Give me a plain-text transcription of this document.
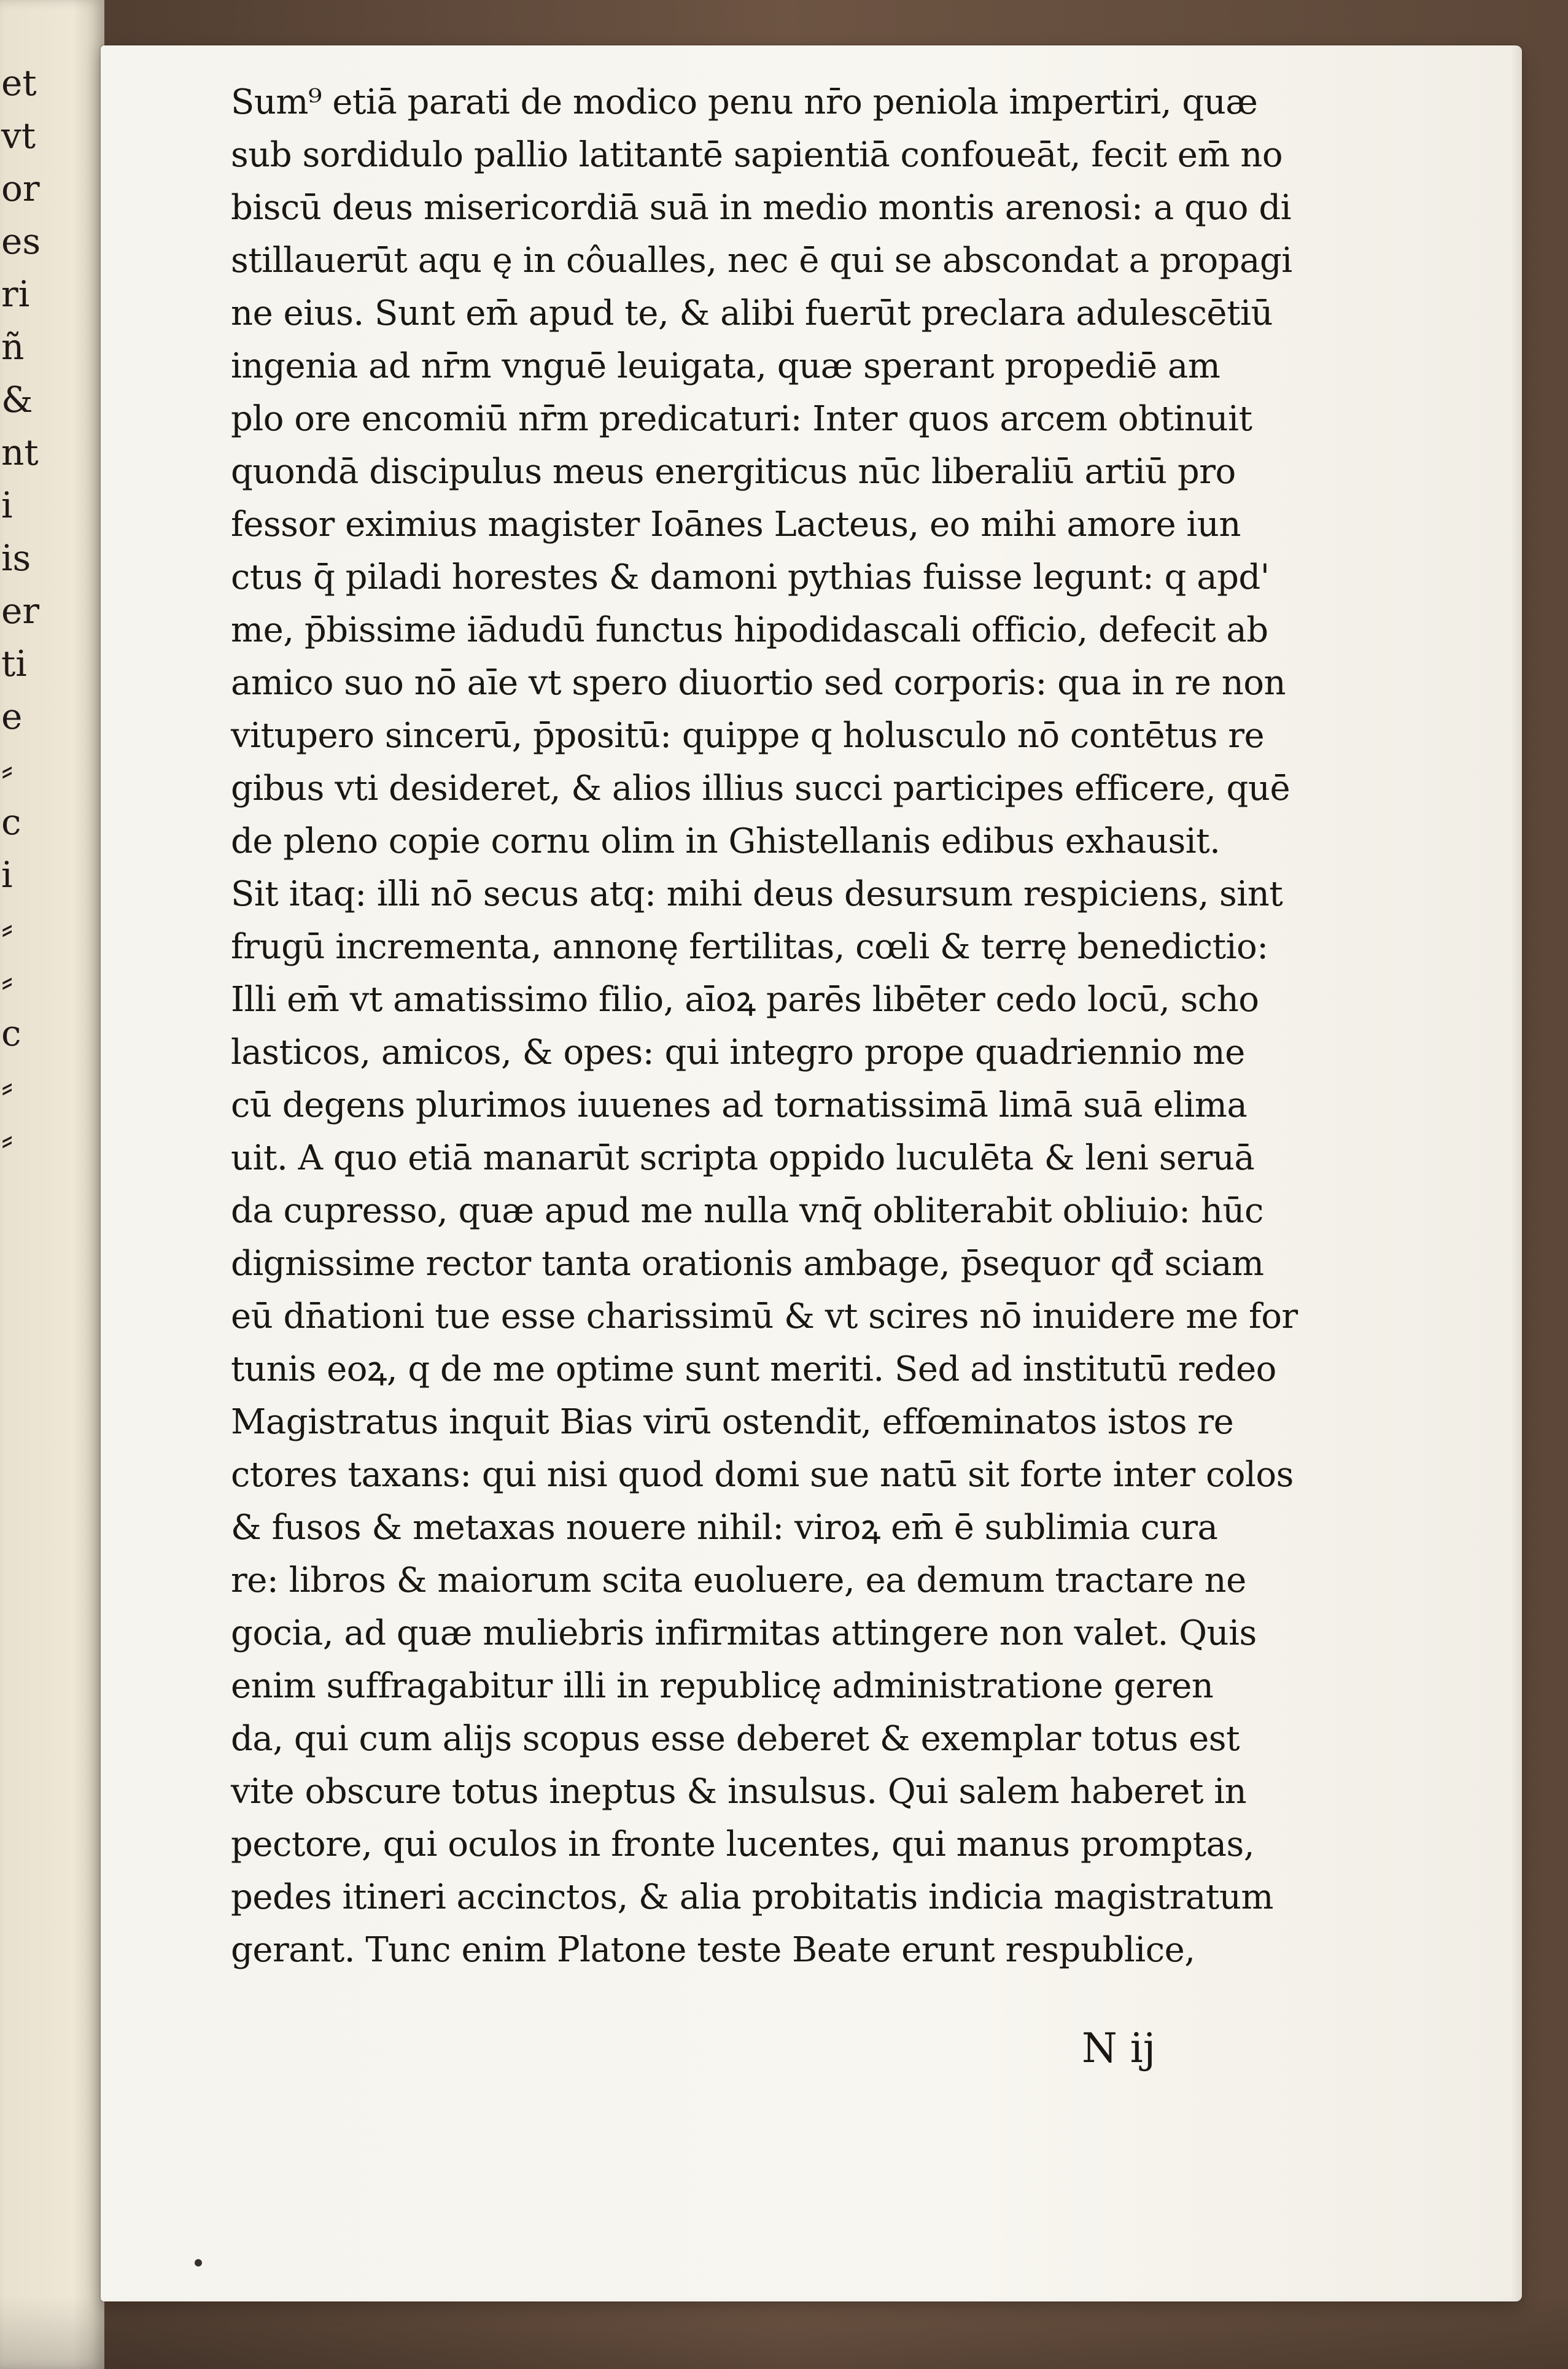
et
vt
or
es
ri
ñ
&
nt
i
is
er
ti
e
⸗
c
i
⸗
⸗
c
⸗
⸗
Sum⁹ etiā parati de modico penu nr̄o peniola impertiri, quæ
sub sordidulo pallio latitantē sapientiā confoueāt, fecit em̄ no
biscū deus misericordiā suā in medio montis arenosi: a quo di
stillauerūt aqu ę in côualles, nec ē qui se abscondat a propagi
ne eius. Sunt em̄ apud te, & alibi fuerūt preclara adulescētiū
ingenia ad nr̄m vnguē leuigata, quæ sperant propediē am
plo ore encomiū nr̄m predicaturi: Inter quos arcem obtinuit
quondā discipulus meus energiticus nūc liberaliū artiū pro
fessor eximius magister Ioānes Lacteus, eo mihi amore iun
ctus q̄ piladi horestes & damoni pythias fuisse legunt: q apd'
me, p̄bissime iādudū functus hipodidascali officio, defecit ab
amico suo nō aīe vt spero diuortio sed corporis: qua in re non
vitupero sincerū, p̄positū: quippe q holusculo nō contētus re
gibus vti desideret, & alios illius succi participes efficere, quē
de pleno copie cornu olim in Ghistellanis edibus exhausit.
Sit itaq: illi nō secus atq: mihi deus desursum respiciens, sint
frugū incrementa, annonę fertilitas, cœli & terrę benedictio:
Illi em̄ vt amatissimo filio, aīoꝝ parēs libēter cedo locū, scho
lasticos, amicos, & opes: qui integro prope quadriennio me
cū degens plurimos iuuenes ad tornatissimā limā suā elima
uit. A quo etiā manarūt scripta oppido luculēta & leni seruā
da cupresso, quæ apud me nulla vnq̄ obliterabit obliuio: hūc
dignissime rector tanta orationis ambage, p̄sequor qđ sciam
eū dn̄ationi tue esse charissimū & vt scires nō inuidere me for
tunis eoꝝ, q de me optime sunt meriti. Sed ad institutū redeo
Magistratus inquit Bias virū ostendit, effœminatos istos re
ctores taxans: qui nisi quod domi sue natū sit forte inter colos
& fusos & metaxas nouere nihil: viroꝝ em̄ ē sublimia cura
re: libros & maiorum scita euoluere, ea demum tractare ne
gocia, ad quæ muliebris infirmitas attingere non valet. Quis
enim suffragabitur illi in republicę administratione geren
da, qui cum alijs scopus esse deberet & exemplar totus est
vite obscure totus ineptus & insulsus. Qui salem haberet in
pectore, qui oculos in fronte lucentes, qui manus promptas,
pedes itineri accinctos, & alia probitatis indicia magistratum
gerant. Tunc enim Platone teste Beate erunt respublice,
N ij
